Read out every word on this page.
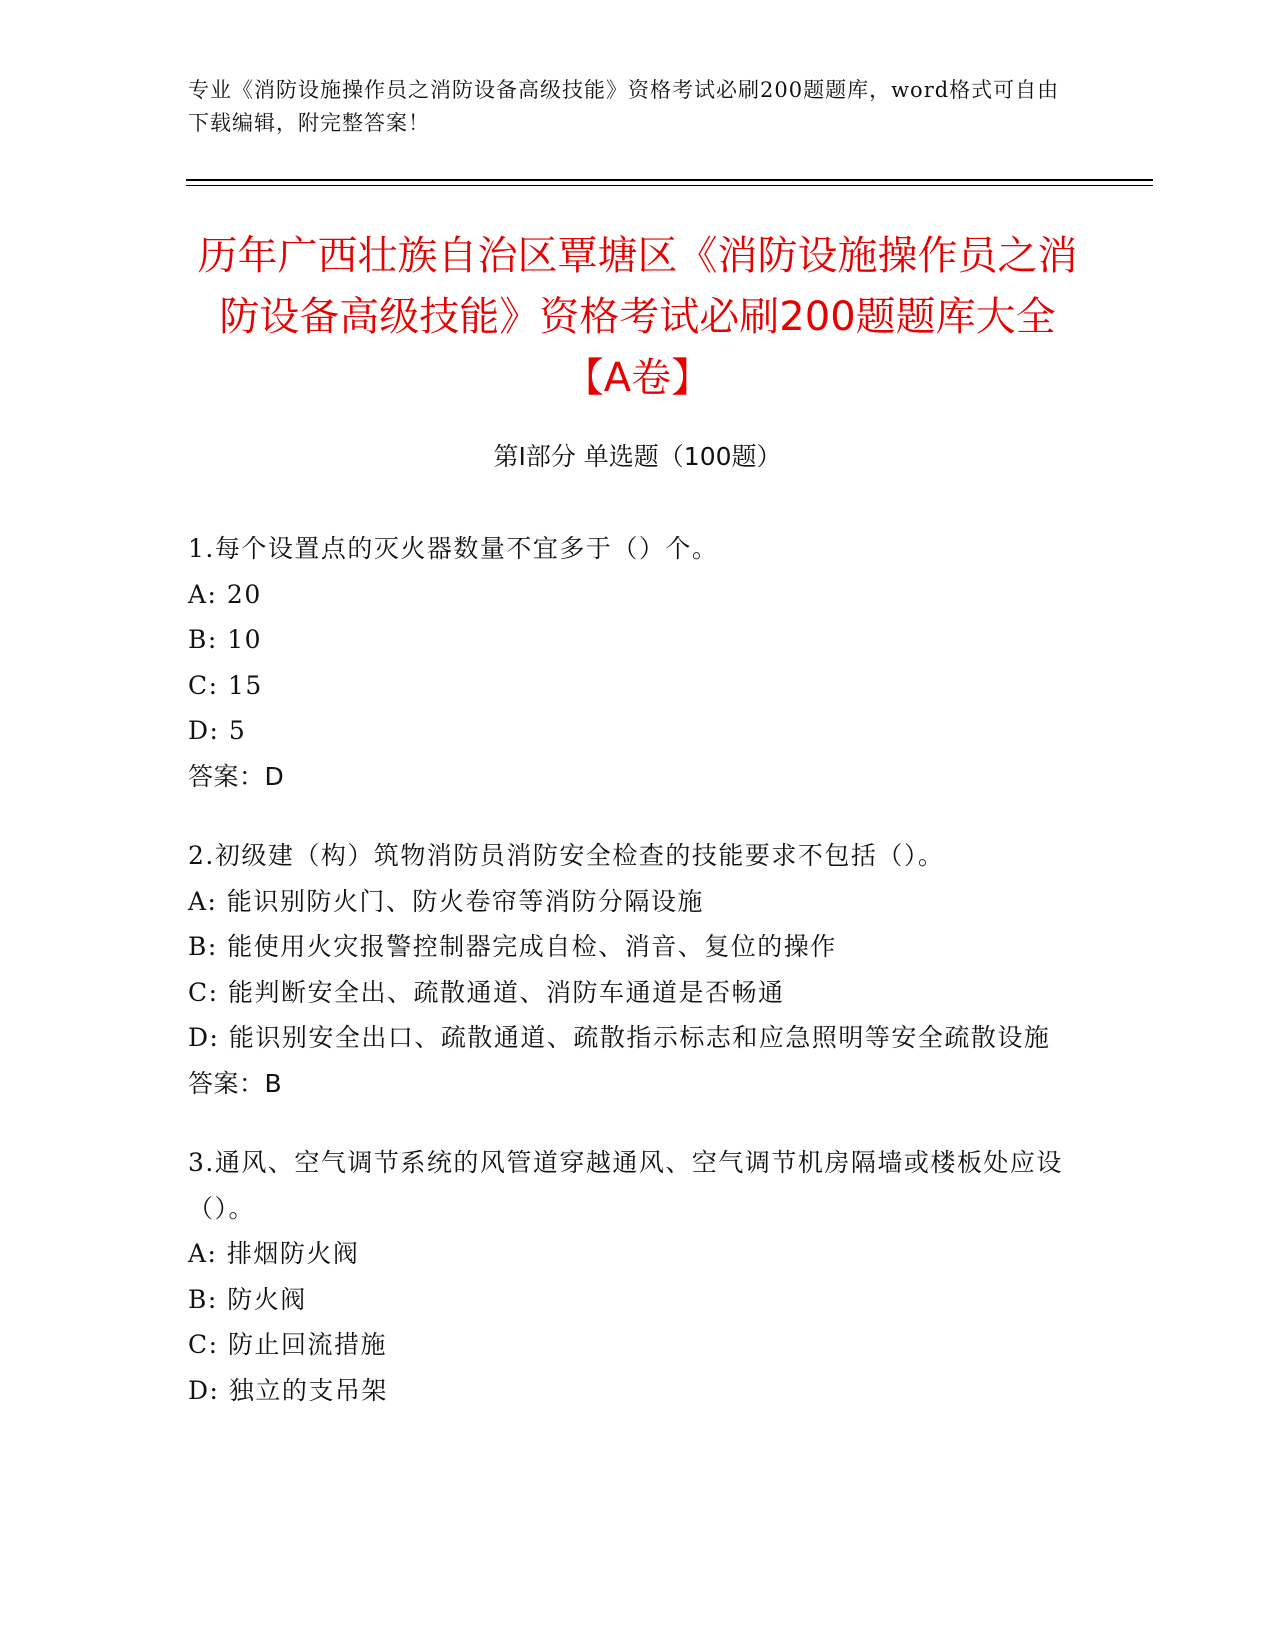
专业《消防设施操作员之消防设备高级技能》资格考试必刷200题题库，word格式可自由下载编辑，附完整答案！
历年广西壮族自治区覃塘区《消防设施操作员之消防设备高级技能》资格考试必刷200题题库大全【A卷】
第I部分 单选题（100题）

1.每个设置点的灭火器数量不宜多于（）个。

A: 20

B: 10

C: 15

D: 5

答案：D

2.初级建（构）筑物消防员消防安全检查的技能要求不包括（）。

A: 能识别防火门、防火卷帘等消防分隔设施

B: 能使用火灾报警控制器完成自检、消音、复位的操作

C: 能判断安全出、疏散通道、消防车通道是否畅通

D: 能识别安全出口、疏散通道、疏散指示标志和应急照明等安全疏散设施

答案：B

3.通风、空气调节系统的风管道穿越通风、空气调节机房隔墙或楼板处应设（）。

A: 排烟防火阀

B: 防火阀

C: 防止回流措施

D: 独立的支吊架
